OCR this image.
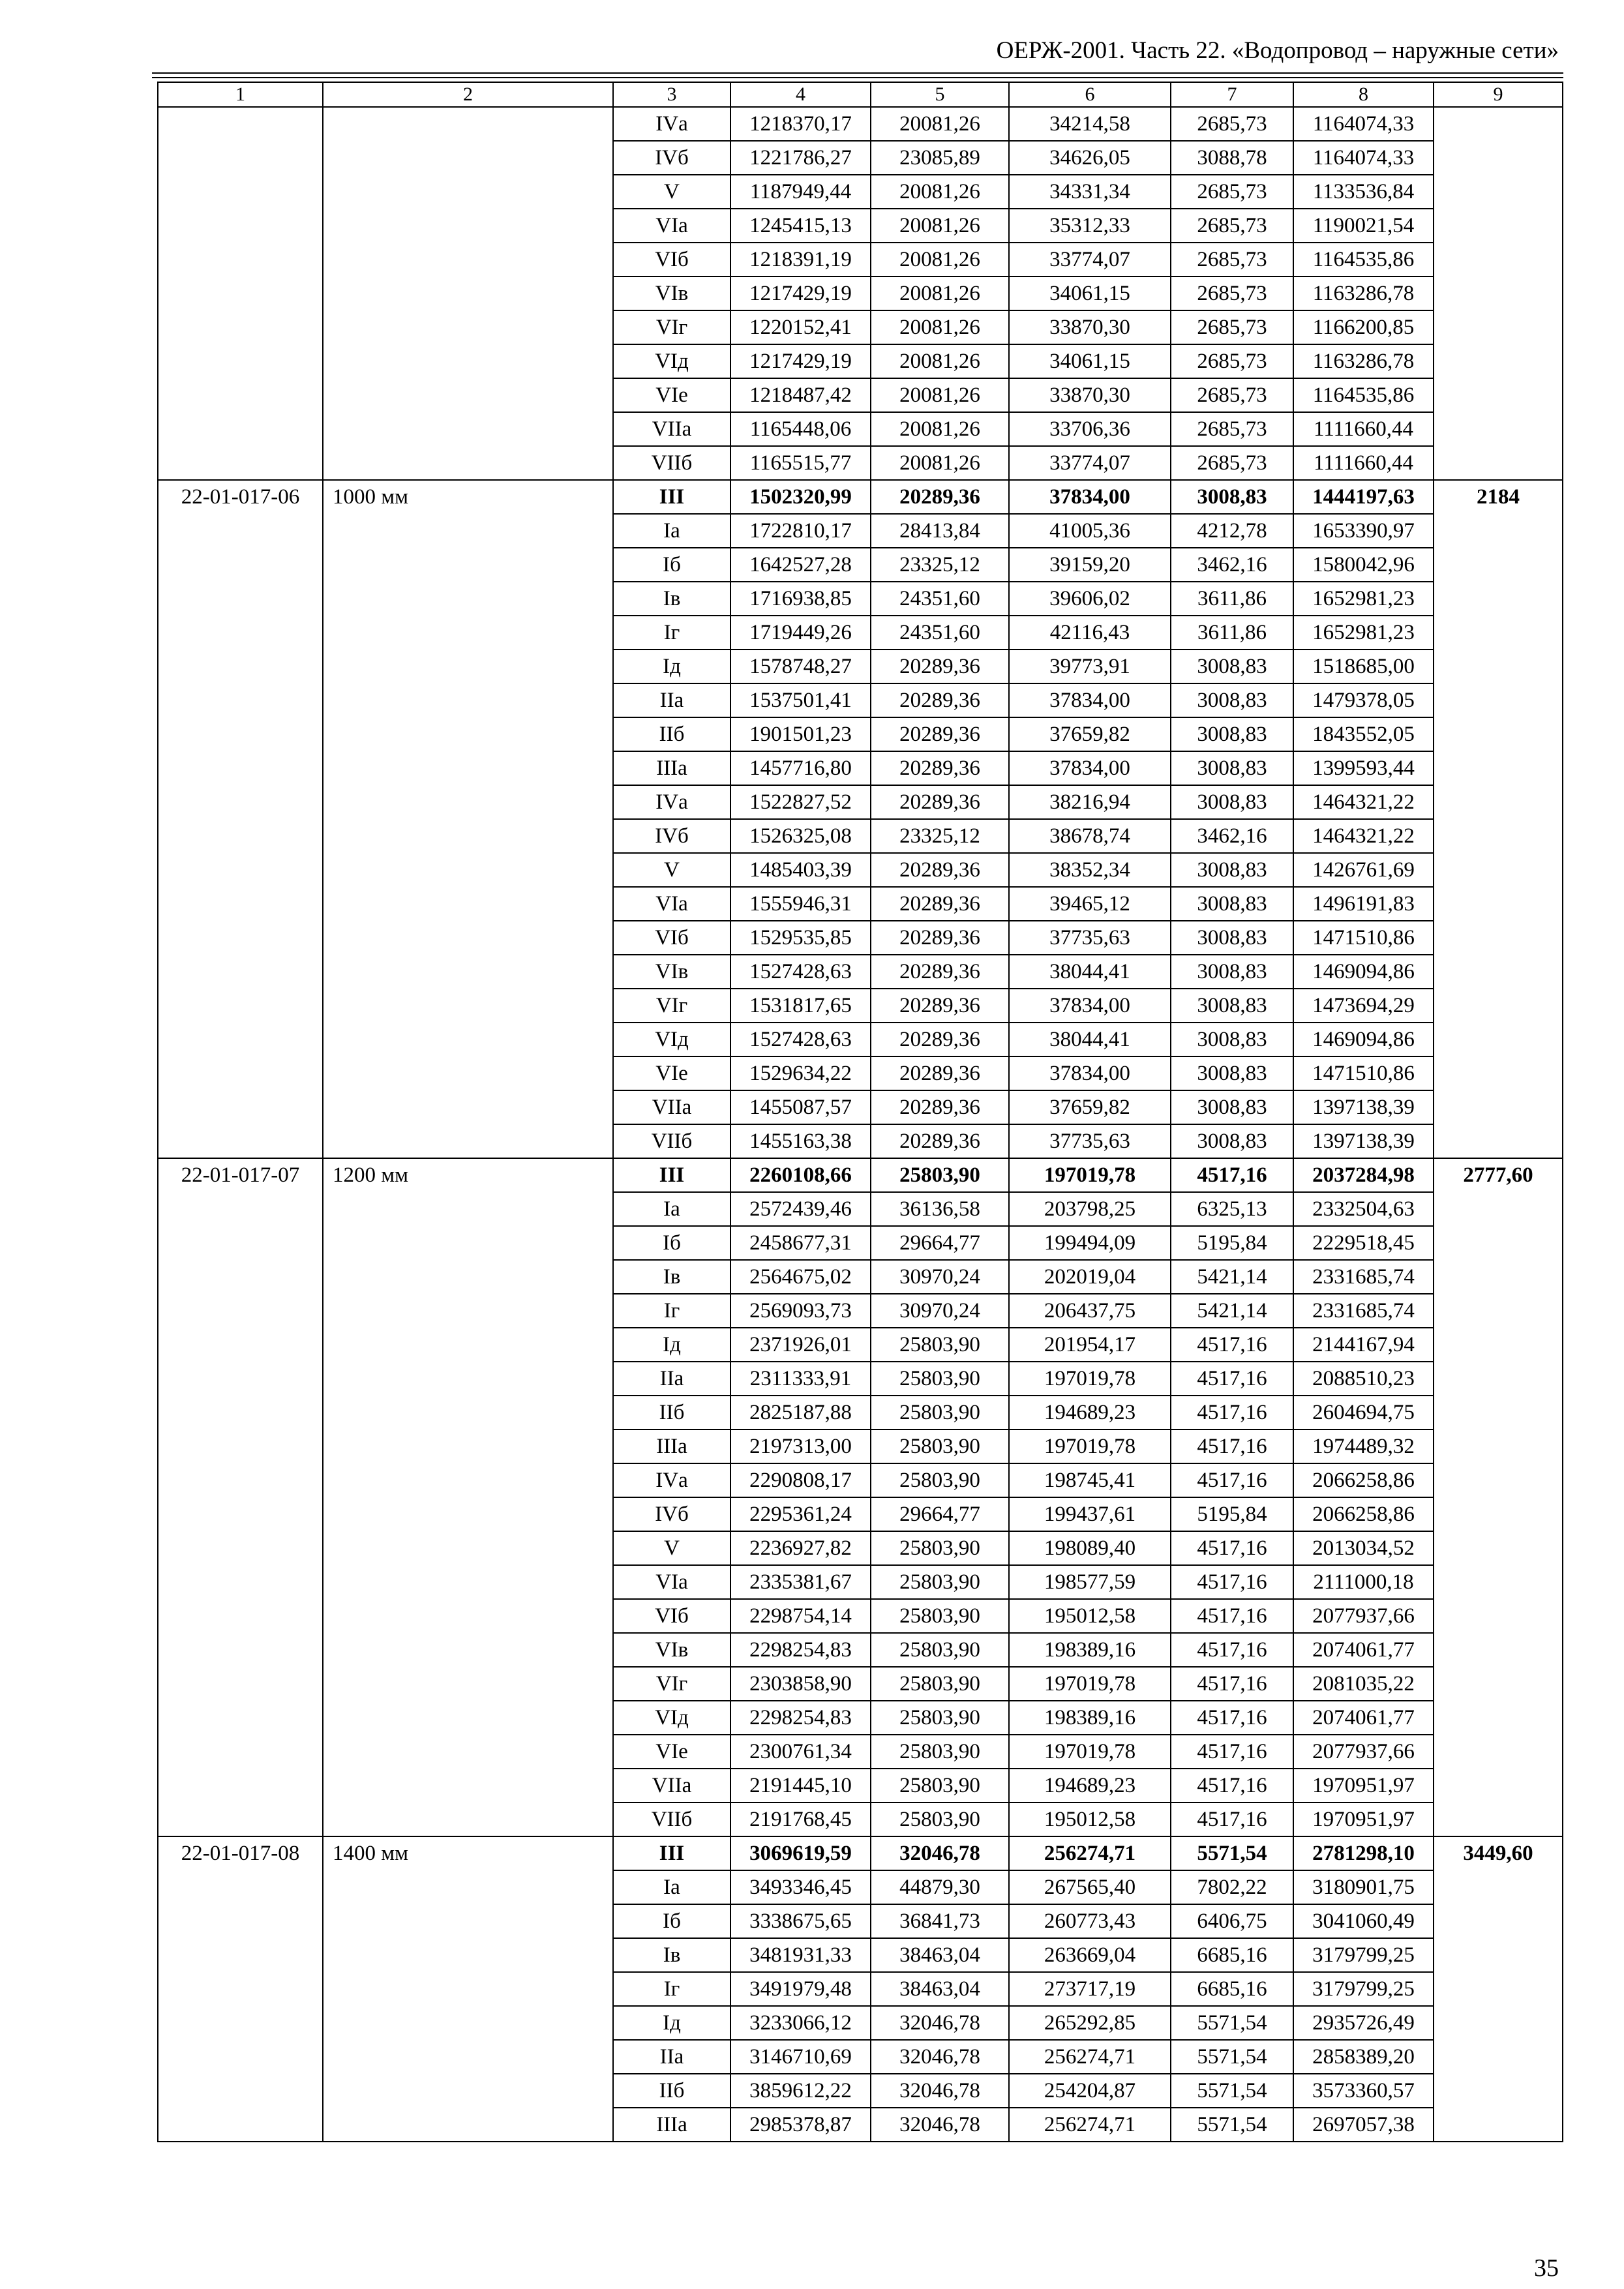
ОЕРЖ-2001. Часть 22. «Водопровод – наружные сети»
1	2	3	4	5	6	7	8	9
		IVа	1218370,17	20081,26	34214,58	2685,73	1164074,33	
		IVб	1221786,27	23085,89	34626,05	3088,78	1164074,33	
		V	1187949,44	20081,26	34331,34	2685,73	1133536,84	
		VIа	1245415,13	20081,26	35312,33	2685,73	1190021,54	
		VIб	1218391,19	20081,26	33774,07	2685,73	1164535,86	
		VIв	1217429,19	20081,26	34061,15	2685,73	1163286,78	
		VIг	1220152,41	20081,26	33870,30	2685,73	1166200,85	
		VIд	1217429,19	20081,26	34061,15	2685,73	1163286,78	
		VIе	1218487,42	20081,26	33870,30	2685,73	1164535,86	
		VIIа	1165448,06	20081,26	33706,36	2685,73	1111660,44	
		VIIб	1165515,77	20081,26	33774,07	2685,73	1111660,44	
22-01-017-06	1000 мм	III	1502320,99	20289,36	37834,00	3008,83	1444197,63	2184
		Iа	1722810,17	28413,84	41005,36	4212,78	1653390,97	
		Iб	1642527,28	23325,12	39159,20	3462,16	1580042,96	
		Iв	1716938,85	24351,60	39606,02	3611,86	1652981,23	
		Iг	1719449,26	24351,60	42116,43	3611,86	1652981,23	
		Iд	1578748,27	20289,36	39773,91	3008,83	1518685,00	
		IIа	1537501,41	20289,36	37834,00	3008,83	1479378,05	
		IIб	1901501,23	20289,36	37659,82	3008,83	1843552,05	
		IIIа	1457716,80	20289,36	37834,00	3008,83	1399593,44	
		IVа	1522827,52	20289,36	38216,94	3008,83	1464321,22	
		IVб	1526325,08	23325,12	38678,74	3462,16	1464321,22	
		V	1485403,39	20289,36	38352,34	3008,83	1426761,69	
		VIа	1555946,31	20289,36	39465,12	3008,83	1496191,83	
		VIб	1529535,85	20289,36	37735,63	3008,83	1471510,86	
		VIв	1527428,63	20289,36	38044,41	3008,83	1469094,86	
		VIг	1531817,65	20289,36	37834,00	3008,83	1473694,29	
		VIд	1527428,63	20289,36	38044,41	3008,83	1469094,86	
		VIе	1529634,22	20289,36	37834,00	3008,83	1471510,86	
		VIIа	1455087,57	20289,36	37659,82	3008,83	1397138,39	
		VIIб	1455163,38	20289,36	37735,63	3008,83	1397138,39	
22-01-017-07	1200 мм	III	2260108,66	25803,90	197019,78	4517,16	2037284,98	2777,60
		Iа	2572439,46	36136,58	203798,25	6325,13	2332504,63	
		Iб	2458677,31	29664,77	199494,09	5195,84	2229518,45	
		Iв	2564675,02	30970,24	202019,04	5421,14	2331685,74	
		Iг	2569093,73	30970,24	206437,75	5421,14	2331685,74	
		Iд	2371926,01	25803,90	201954,17	4517,16	2144167,94	
		IIа	2311333,91	25803,90	197019,78	4517,16	2088510,23	
		IIб	2825187,88	25803,90	194689,23	4517,16	2604694,75	
		IIIа	2197313,00	25803,90	197019,78	4517,16	1974489,32	
		IVа	2290808,17	25803,90	198745,41	4517,16	2066258,86	
		IVб	2295361,24	29664,77	199437,61	5195,84	2066258,86	
		V	2236927,82	25803,90	198089,40	4517,16	2013034,52	
		VIа	2335381,67	25803,90	198577,59	4517,16	2111000,18	
		VIб	2298754,14	25803,90	195012,58	4517,16	2077937,66	
		VIв	2298254,83	25803,90	198389,16	4517,16	2074061,77	
		VIг	2303858,90	25803,90	197019,78	4517,16	2081035,22	
		VIд	2298254,83	25803,90	198389,16	4517,16	2074061,77	
		VIе	2300761,34	25803,90	197019,78	4517,16	2077937,66	
		VIIа	2191445,10	25803,90	194689,23	4517,16	1970951,97	
		VIIб	2191768,45	25803,90	195012,58	4517,16	1970951,97	
22-01-017-08	1400 мм	III	3069619,59	32046,78	256274,71	5571,54	2781298,10	3449,60
		Iа	3493346,45	44879,30	267565,40	7802,22	3180901,75	
		Iб	3338675,65	36841,73	260773,43	6406,75	3041060,49	
		Iв	3481931,33	38463,04	263669,04	6685,16	3179799,25	
		Iг	3491979,48	38463,04	273717,19	6685,16	3179799,25	
		Iд	3233066,12	32046,78	265292,85	5571,54	2935726,49	
		IIа	3146710,69	32046,78	256274,71	5571,54	2858389,20	
		IIб	3859612,22	32046,78	254204,87	5571,54	3573360,57	
		IIIа	2985378,87	32046,78	256274,71	5571,54	2697057,38	
35
